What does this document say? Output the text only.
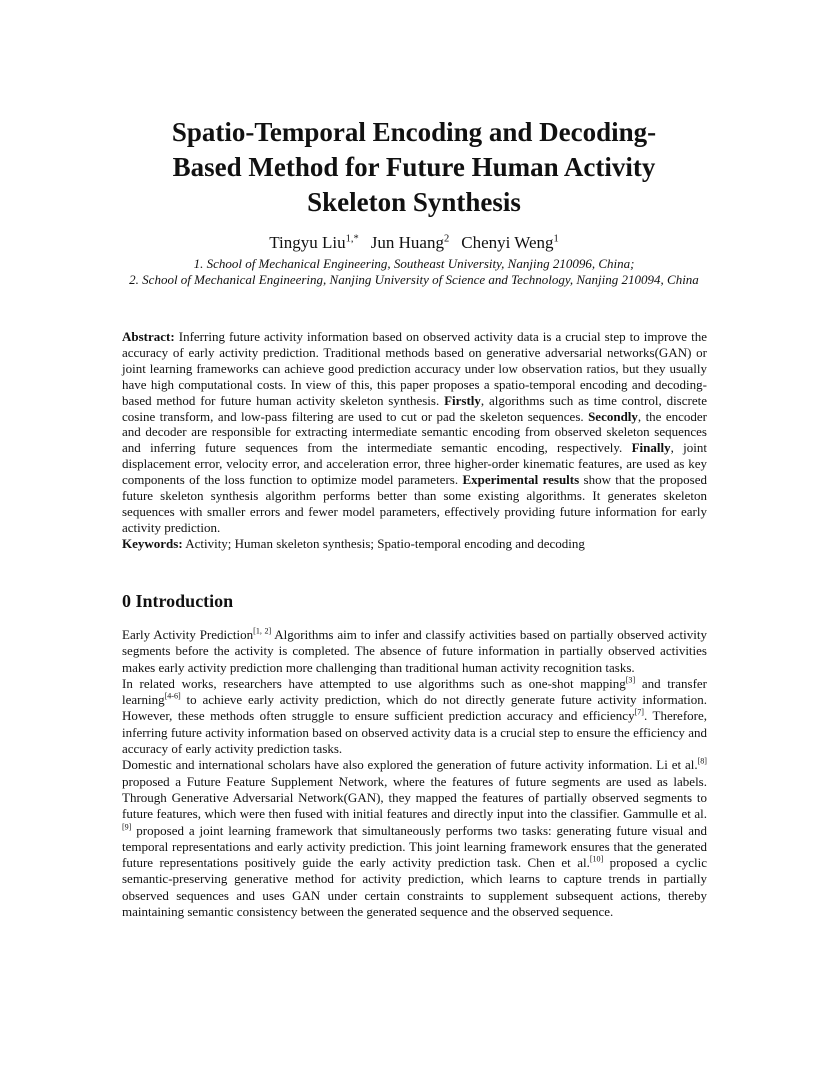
Spatio-Temporal Encoding and Decoding-
Based Method for Future Human Activity
Skeleton Synthesis
Tingyu Liu$^{1,*}$ Jun Huang$^2$ Chenyi Weng$^1$
1. School of Mechanical Engineering, Southeast University, Nanjing 210096, China;
2. School of Mechanical Engineering, Nanjing University of Science and Technology, Nanjing 210094, China
Abstract: Inferring future activity information based on observed activity data is a crucial step to improve the accuracy of early activity prediction. Traditional methods based on generative adversarial networks(GAN) or joint learning frameworks can achieve good prediction accuracy under low observation ratios, but they usually have high computational costs. In view of this, this paper proposes a spatio-temporal encoding and decoding-based method for future human activity skeleton synthesis. Firstly, algorithms such as time control, discrete cosine transform, and low-pass filtering are used to cut or pad the skeleton sequences. Secondly, the encoder and decoder are responsible for extracting intermediate semantic encoding from observed skeleton sequences and inferring future sequences from the intermediate semantic encoding, respectively. Finally, joint displacement error, velocity error, and acceleration error, three higher-order kinematic features, are used as key components of the loss function to optimize model parameters. Experimental results show that the proposed future skeleton synthesis algorithm performs better than some existing algorithms. It generates skeleton sequences with smaller errors and fewer model parameters, effectively providing future information for early activity prediction.
Keywords: Activity; Human skeleton synthesis; Spatio-temporal encoding and decoding
0 Introduction

Early Activity Prediction[1, 2] Algorithms aim to infer and classify activities based on partially observed activity segments before the activity is completed. The absence of future information in partially observed activities makes early activity prediction more challenging than traditional human activity recognition tasks.

In related works, researchers have attempted to use algorithms such as one-shot mapping[3] and transfer learning[4-6] to achieve early activity prediction, which do not directly generate future activity information. However, these methods often struggle to ensure sufficient prediction accuracy and efficiency[7]. Therefore, inferring future activity information based on observed activity data is a crucial step to ensure the efficiency and accuracy of early activity prediction tasks.

Domestic and international scholars have also explored the generation of future activity information. Li et al.[8] proposed a Future Feature Supplement Network, where the features of future segments are used as labels. Through Generative Adversarial Network(GAN), they mapped the features of partially observed segments to future features, which were then fused with initial features and directly input into the classifier. Gammulle et al.[9] proposed a joint learning framework that simultaneously performs two tasks: generating future visual and temporal representations and early activity prediction. This joint learning framework ensures that the generated future representations positively guide the early activity prediction task. Chen et al.[10] proposed a cyclic semantic-preserving generative method for activity prediction, which learns to capture trends in partially observed sequences and uses GAN under certain constraints to supplement subsequent actions, thereby maintaining semantic consistency between the generated sequence and the observed sequence.
